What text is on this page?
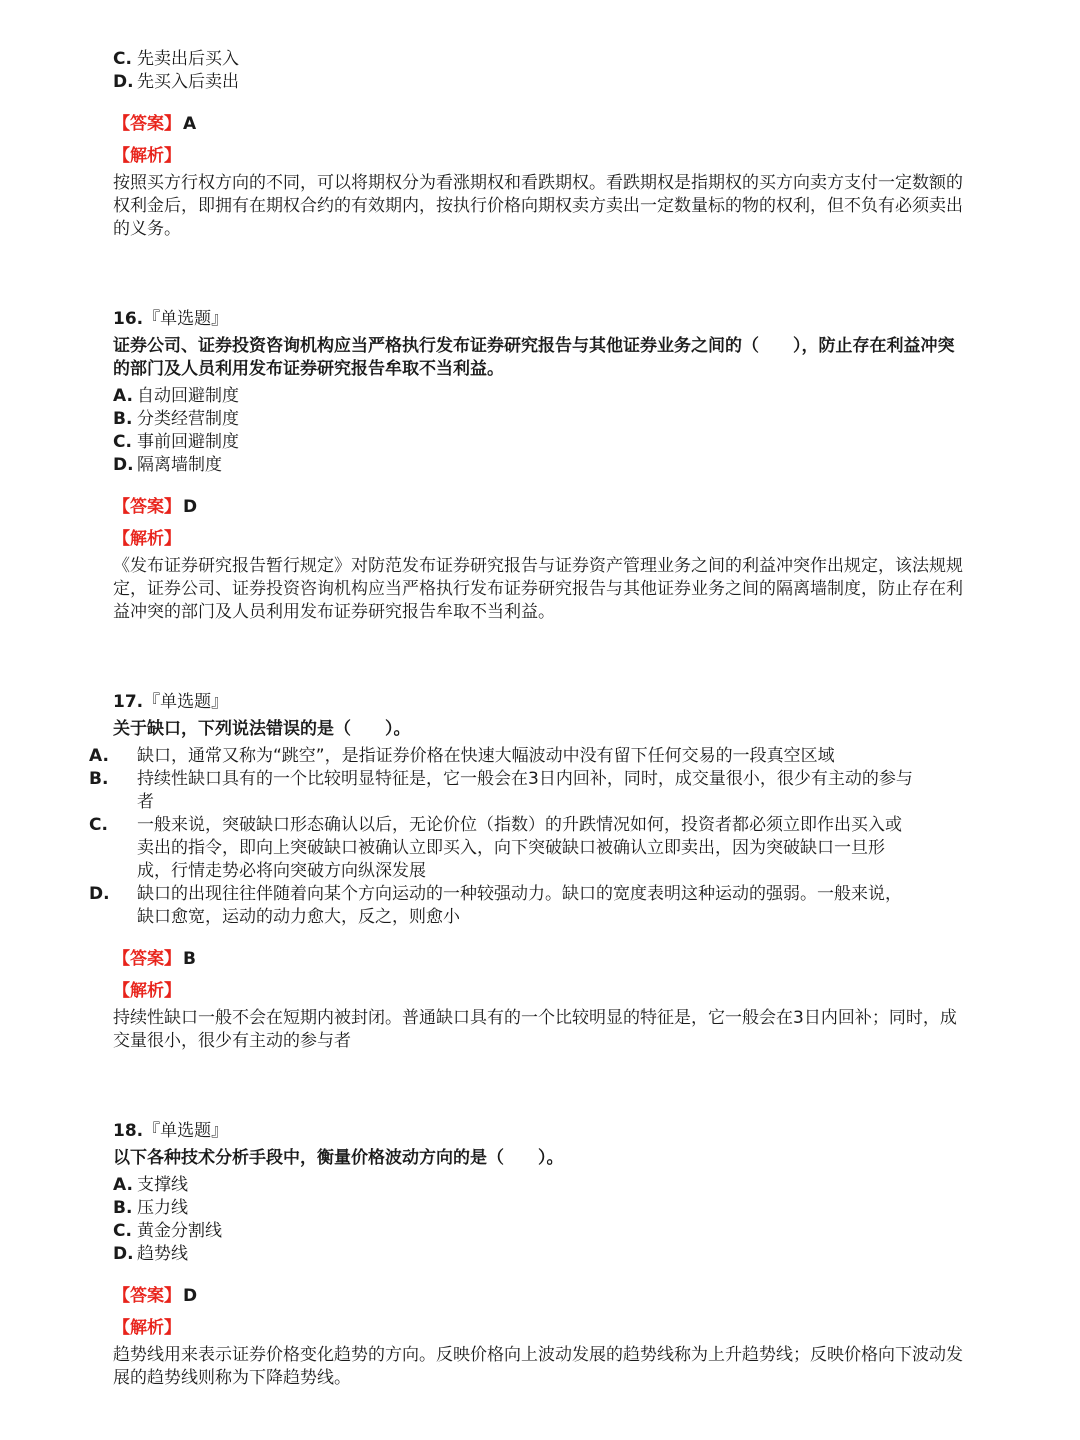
C. 先卖出后买入
D. 先买入后卖出
【答案】 A
【解析】
按照买方行权方向的不同，可以将期权分为看涨期权和看跌期权。看跌期权是指期权的买方向卖方支付一定数额的权利金后，即拥有在期权合约的有效期内，按执行价格向期权卖方卖出一定数量标的物的权利，但不负有必须卖出的义务。
16.『单选题』
证券公司、证券投资咨询机构应当严格执行发布证券研究报告与其他证券业务之间的（　　），防止存在利益冲突的部门及人员利用发布证券研究报告牟取不当利益。
A. 自动回避制度
B. 分类经营制度
C. 事前回避制度
D. 隔离墙制度
【答案】 D
【解析】
《发布证券研究报告暂行规定》对防范发布证券研究报告与证券资产管理业务之间的利益冲突作出规定，该法规规定，证券公司、证券投资咨询机构应当严格执行发布证券研究报告与其他证券业务之间的隔离墙制度，防止存在利益冲突的部门及人员利用发布证券研究报告牟取不当利益。
17.『单选题』
关于缺口，下列说法错误的是（　　）。
A. 缺口，通常又称为“跳空”，是指证券价格在快速大幅波动中没有留下任何交易的一段真空区域
B. 持续性缺口具有的一个比较明显特征是，它一般会在3日内回补，同时，成交量很小，很少有主动的参与者
C. 一般来说，突破缺口形态确认以后，无论价位（指数）的升跌情况如何，投资者都必须立即作出买入或卖出的指令，即向上突破缺口被确认立即买入，向下突破缺口被确认立即卖出，因为突破缺口一旦形成，行情走势必将向突破方向纵深发展
D. 缺口的出现往往伴随着向某个方向运动的一种较强动力。缺口的宽度表明这种运动的强弱。一般来说，缺口愈宽，运动的动力愈大，反之，则愈小
【答案】 B
【解析】
持续性缺口一般不会在短期内被封闭。普通缺口具有的一个比较明显的特征是，它一般会在3日内回补；同时，成交量很小，很少有主动的参与者
18.『单选题』
以下各种技术分析手段中，衡量价格波动方向的是（　　）。
A. 支撑线
B. 压力线
C. 黄金分割线
D. 趋势线
【答案】 D
【解析】
趋势线用来表示证券价格变化趋势的方向。反映价格向上波动发展的趋势线称为上升趋势线；反映价格向下波动发展的趋势线则称为下降趋势线。
